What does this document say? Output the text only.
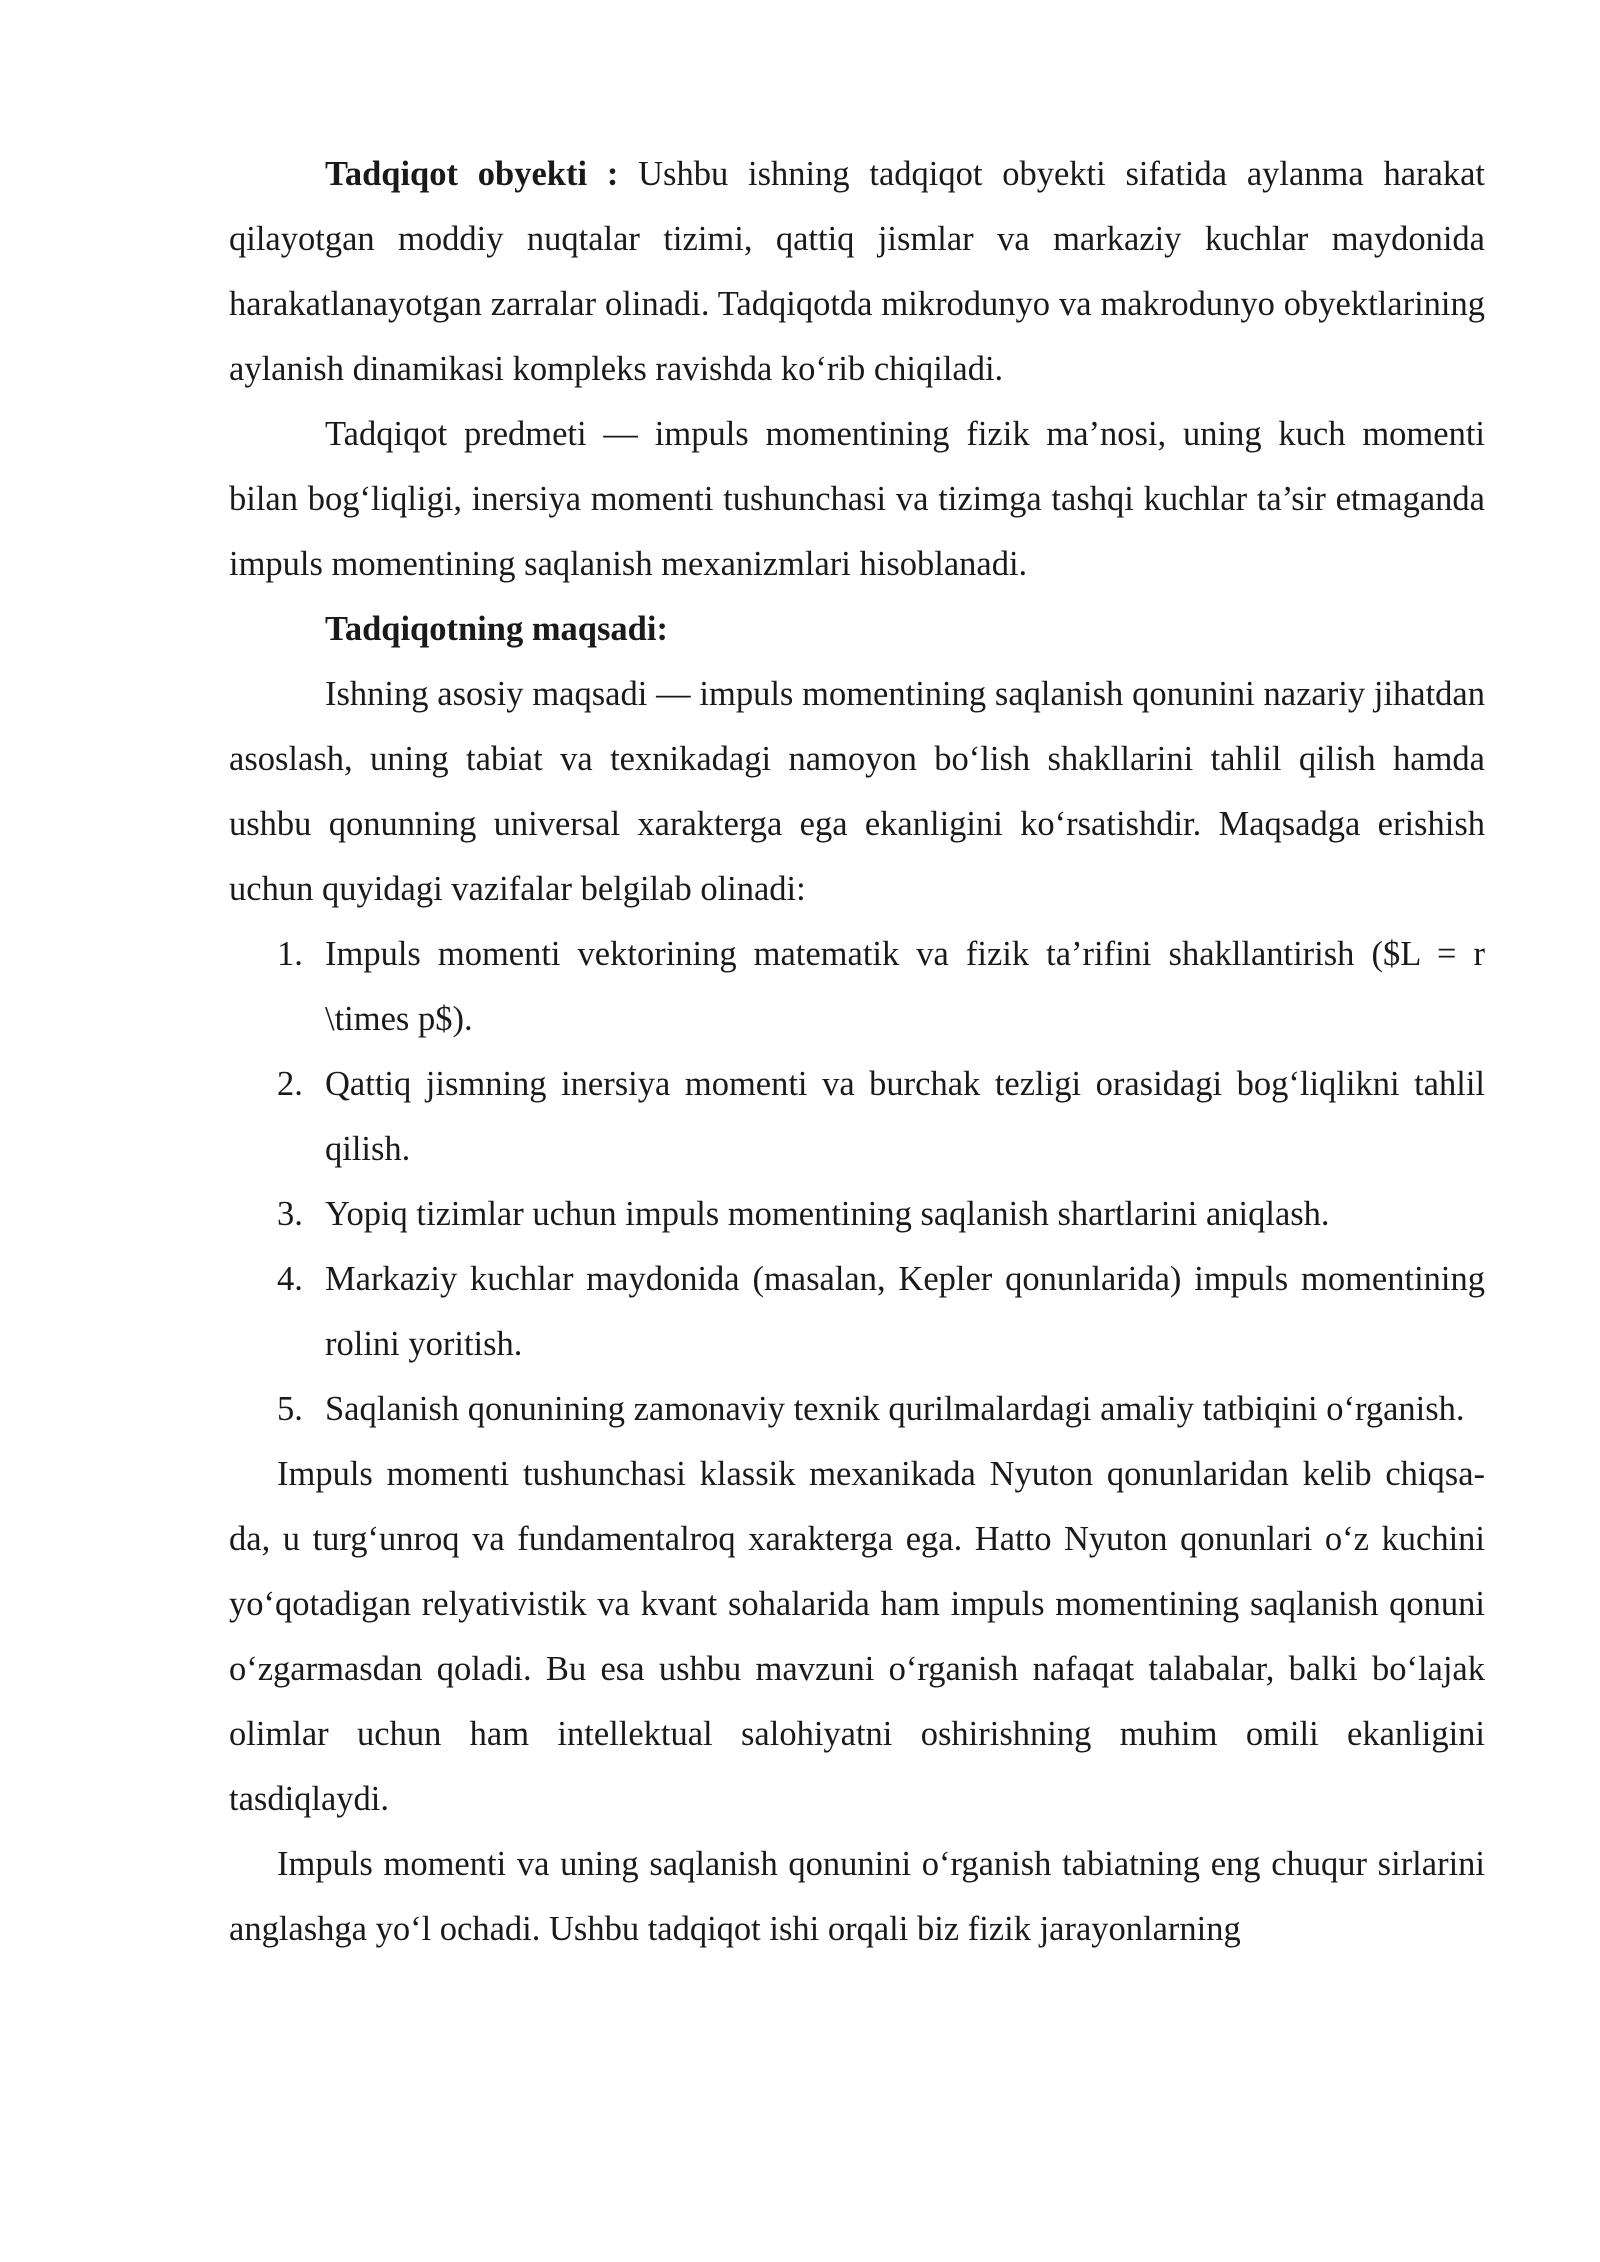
Tadqiqot obyekti : Ushbu ishning tadqiqot obyekti sifatida aylanma harakat qilayotgan moddiy nuqtalar tizimi, qattiq jismlar va markaziy kuchlar maydonida harakatlanayotgan zarralar olinadi. Tadqiqotda mikrodunyo va makrodunyo obyektlarining aylanish dinamikasi kompleks ravishda ko‘rib chiqiladi.

Tadqiqot predmeti — impuls momentining fizik ma’nosi, uning kuch momenti bilan bog‘liqligi, inersiya momenti tushunchasi va tizimga tashqi kuchlar ta’sir etmaganda impuls momentining saqlanish mexanizmlari hisoblanadi.

Tadqiqotning maqsadi:

Ishning asosiy maqsadi — impuls momentining saqlanish qonunini nazariy jihatdan asoslash, uning tabiat va texnikadagi namoyon bo‘lish shakllarini tahlil qilish hamda ushbu qonunning universal xarakterga ega ekanligini ko‘rsatishdir. Maqsadga erishish uchun quyidagi vazifalar belgilab olinadi:

1. Impuls momenti vektorining matematik va fizik ta’rifini shakllantirish ($L = r \times p$).
2. Qattiq jismning inersiya momenti va burchak tezligi orasidagi bog‘liqlikni tahlil qilish.
3. Yopiq tizimlar uchun impuls momentining saqlanish shartlarini aniqlash.
4. Markaziy kuchlar maydonida (masalan, Kepler qonunlarida) impuls momentining rolini yoritish.
5. Saqlanish qonunining zamonaviy texnik qurilmalardagi amaliy tatbiqini o‘rganish.

Impuls momenti tushunchasi klassik mexanikada Nyuton qonunlaridan kelib chiqsa-da, u turg‘unroq va fundamentalroq xarakterga ega. Hatto Nyuton qonunlari o‘z kuchini yo‘qotadigan relyativistik va kvant sohalarida ham impuls momentining saqlanish qonuni o‘zgarmasdan qoladi. Bu esa ushbu mavzuni o‘rganish nafaqat talabalar, balki bo‘lajak olimlar uchun ham intellektual salohiyatni oshirishning muhim omili ekanligini tasdiqlaydi.

Impuls momenti va uning saqlanish qonunini o‘rganish tabiatning eng chuqur sirlarini anglashga yo‘l ochadi. Ushbu tadqiqot ishi orqali biz fizik jarayonlarning
